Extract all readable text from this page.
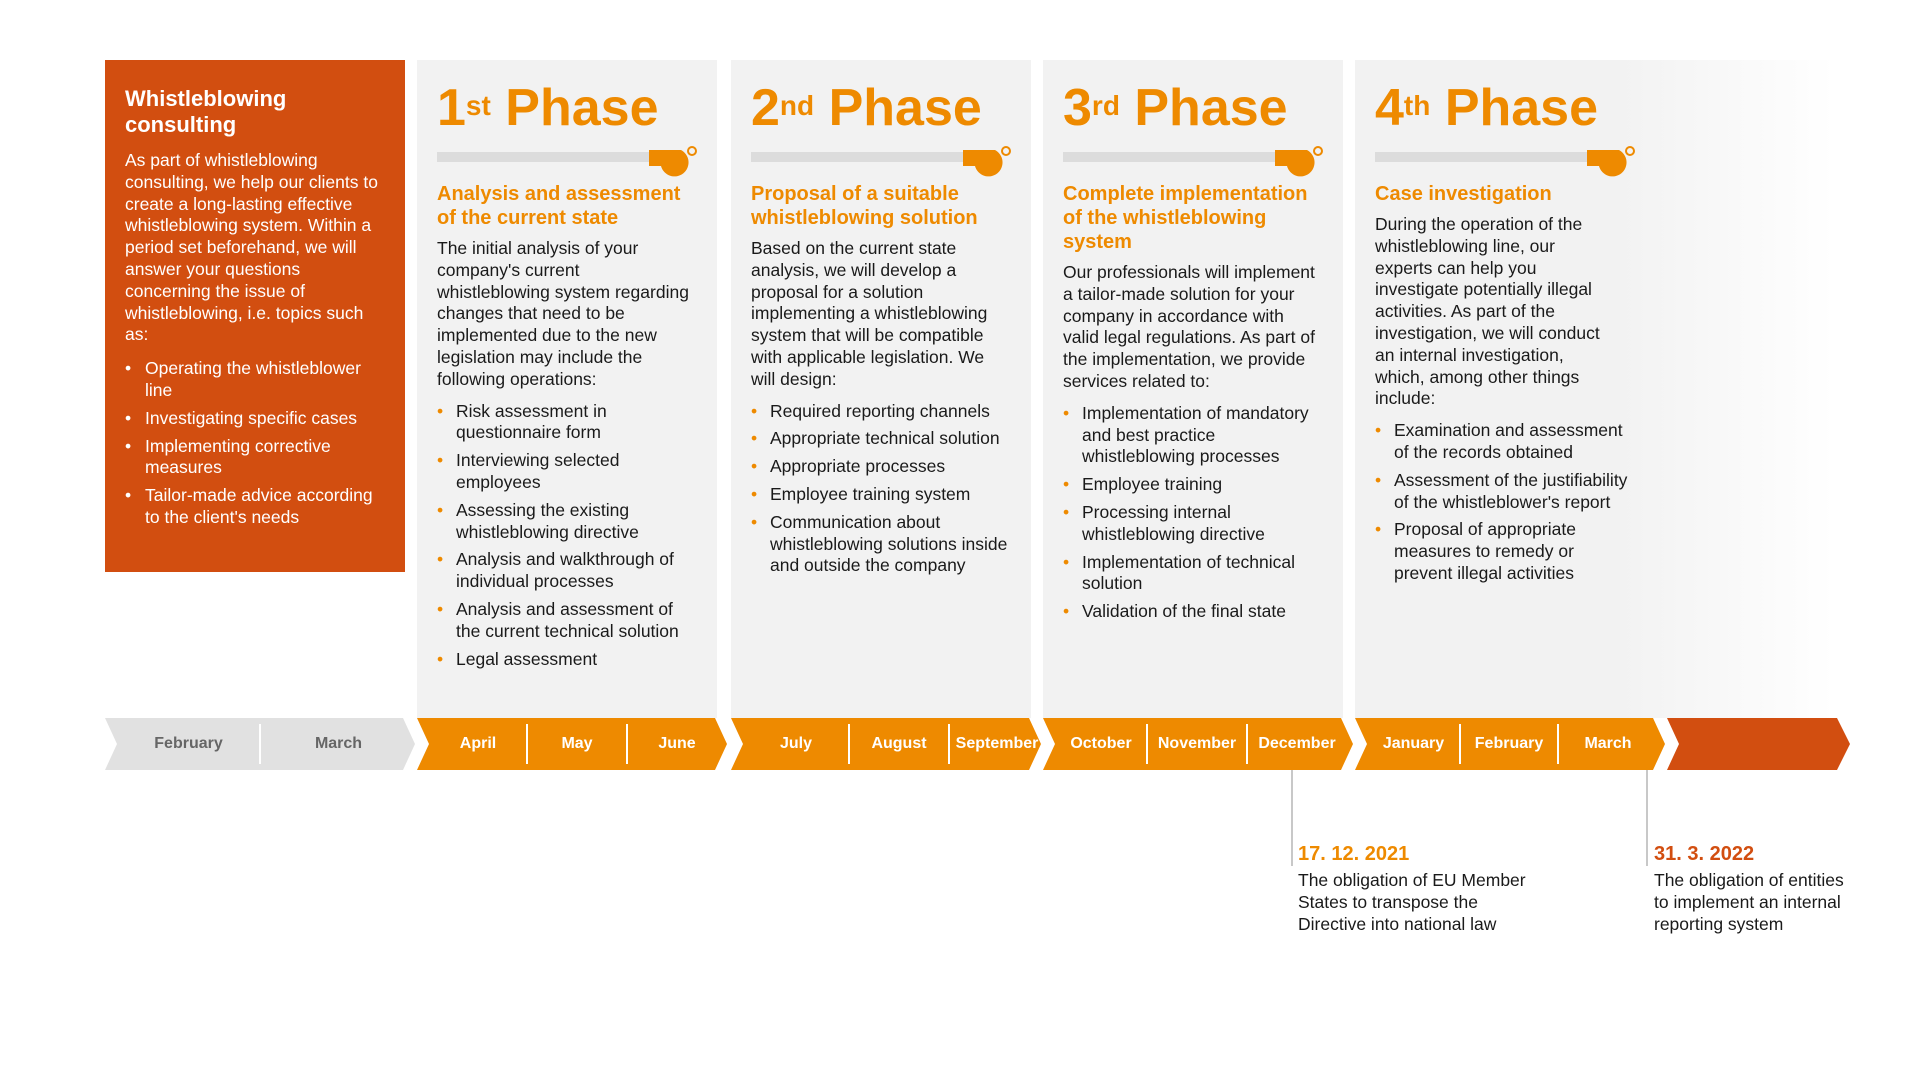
Whistleblowing consulting

As part of whistleblowing consulting, we help our clients to create a long-lasting effective whistleblowing system. Within a period set beforehand, we will answer your questions concerning the issue of whistleblowing, i.e. topics such as:

• Operating the whistleblower line
• Investigating specific cases
• Implementing corrective measures
• Tailor-made advice according to the client's needs
1st Phase
Analysis and assessment of the current state

The initial analysis of your company's current whistleblowing system regarding changes that need to be implemented due to the new legislation may include the following operations:

• Risk assessment in questionnaire form
• Interviewing selected employees
• Assessing the existing whistleblowing directive
• Analysis and walkthrough of individual processes
• Analysis and assessment of the current technical solution
• Legal assessment
2nd Phase
Proposal of a suitable whistleblowing solution

Based on the current state analysis, we will develop a proposal for a solution implementing a whistleblowing system that will be compatible with applicable legislation. We will design:

• Required reporting channels
• Appropriate technical solution
• Appropriate processes
• Employee training system
• Communication about whistleblowing solutions inside and outside the company
3rd Phase
Complete implementation of the whistleblowing system

Our professionals will implement a tailor-made solution for your company in accordance with valid legal regulations. As part of the implementation, we provide services related to:

• Implementation of mandatory and best practice whistleblowing processes
• Employee training
• Processing internal whistleblowing directive
• Implementation of technical solution
• Validation of the final state
4th Phase
Case investigation

During the operation of the whistleblowing line, our experts can help you investigate potentially illegal activities. As part of the investigation, we will conduct an internal investigation, which, among other things include:

• Examination and assessment of the records obtained
• Assessment of the justifiability of the whistleblower's report
• Proposal of appropriate measures to remedy or prevent illegal activities
February	March	April	May	June	July	August	September	October	November	December	January	February	March
17. 12. 2021
The obligation of EU Member States to transpose the Directive into national law
31. 3. 2022
The obligation of entities to implement an internal reporting system
